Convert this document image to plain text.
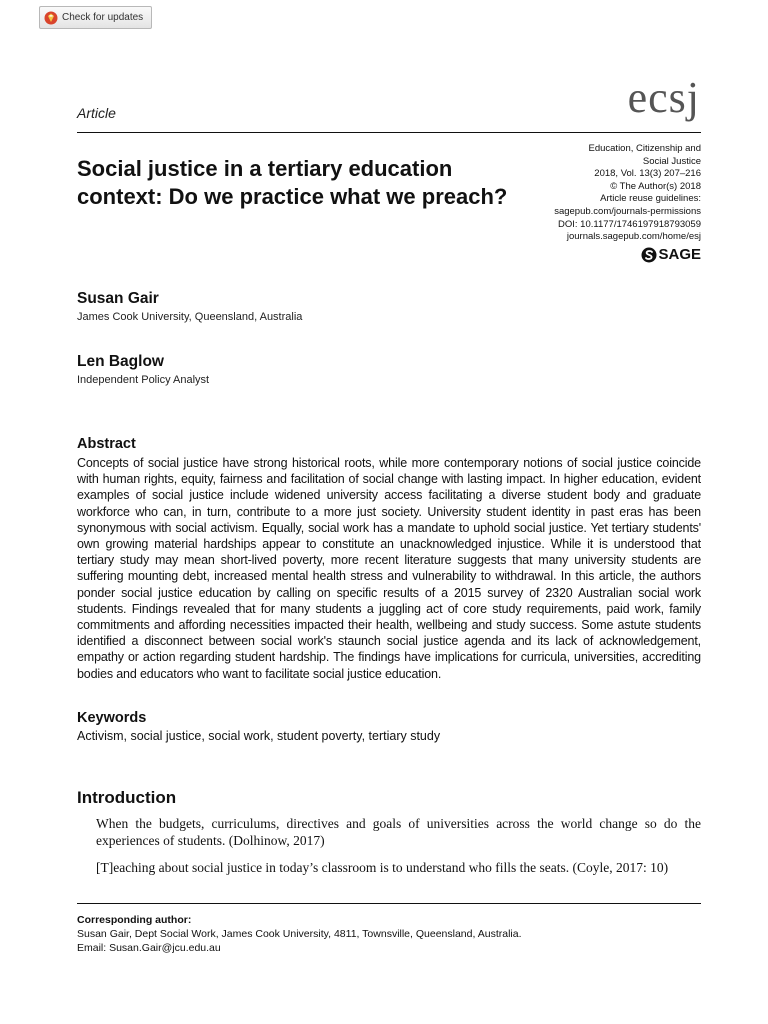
Check for updates
Article	ecsj
Social justice in a tertiary education context: Do we practice what we preach?
Education, Citizenship and
Social Justice
2018, Vol. 13(3) 207–216
© The Author(s) 2018
Article reuse guidelines:
sagepub.com/journals-permissions
DOI: 10.1177/1746197918793059
journals.sagepub.com/home/esj
SAGE
Susan Gair
James Cook University, Queensland, Australia
Len Baglow
Independent Policy Analyst
Abstract

Concepts of social justice have strong historical roots, while more contemporary notions of social justice coincide with human rights, equity, fairness and facilitation of social change with lasting impact. In higher education, evident examples of social justice include widened university access facilitating a diverse student body and graduate workforce who can, in turn, contribute to a more just society. University student identity in past eras has been synonymous with social activism. Equally, social work has a mandate to uphold social justice. Yet tertiary students' own growing material hardships appear to constitute an unacknowledged injustice. While it is understood that tertiary study may mean short-lived poverty, more recent literature suggests that many university students are suffering mounting debt, increased mental health stress and vulnerability to withdrawal. In this article, the authors ponder social justice education by calling on specific results of a 2015 survey of 2320 Australian social work students. Findings revealed that for many students a juggling act of core study requirements, paid work, family commitments and affording necessities impacted their health, wellbeing and study success. Some astute students identified a disconnect between social work's staunch social justice agenda and its lack of acknowledgement, empathy or action regarding student hardship. The findings have implications for curricula, universities, accrediting bodies and educators who want to facilitate social justice education.

Keywords

Activism, social justice, social work, student poverty, tertiary study

Introduction

When the budgets, curriculums, directives and goals of universities across the world change so do the experiences of students. (Dolhinow, 2017)

[T]eaching about social justice in today’s classroom is to understand who fills the seats. (Coyle, 2017: 10)

Corresponding author:
Susan Gair, Dept Social Work, James Cook University, 4811, Townsville, Queensland, Australia.
Email: Susan.Gair@jcu.edu.au
